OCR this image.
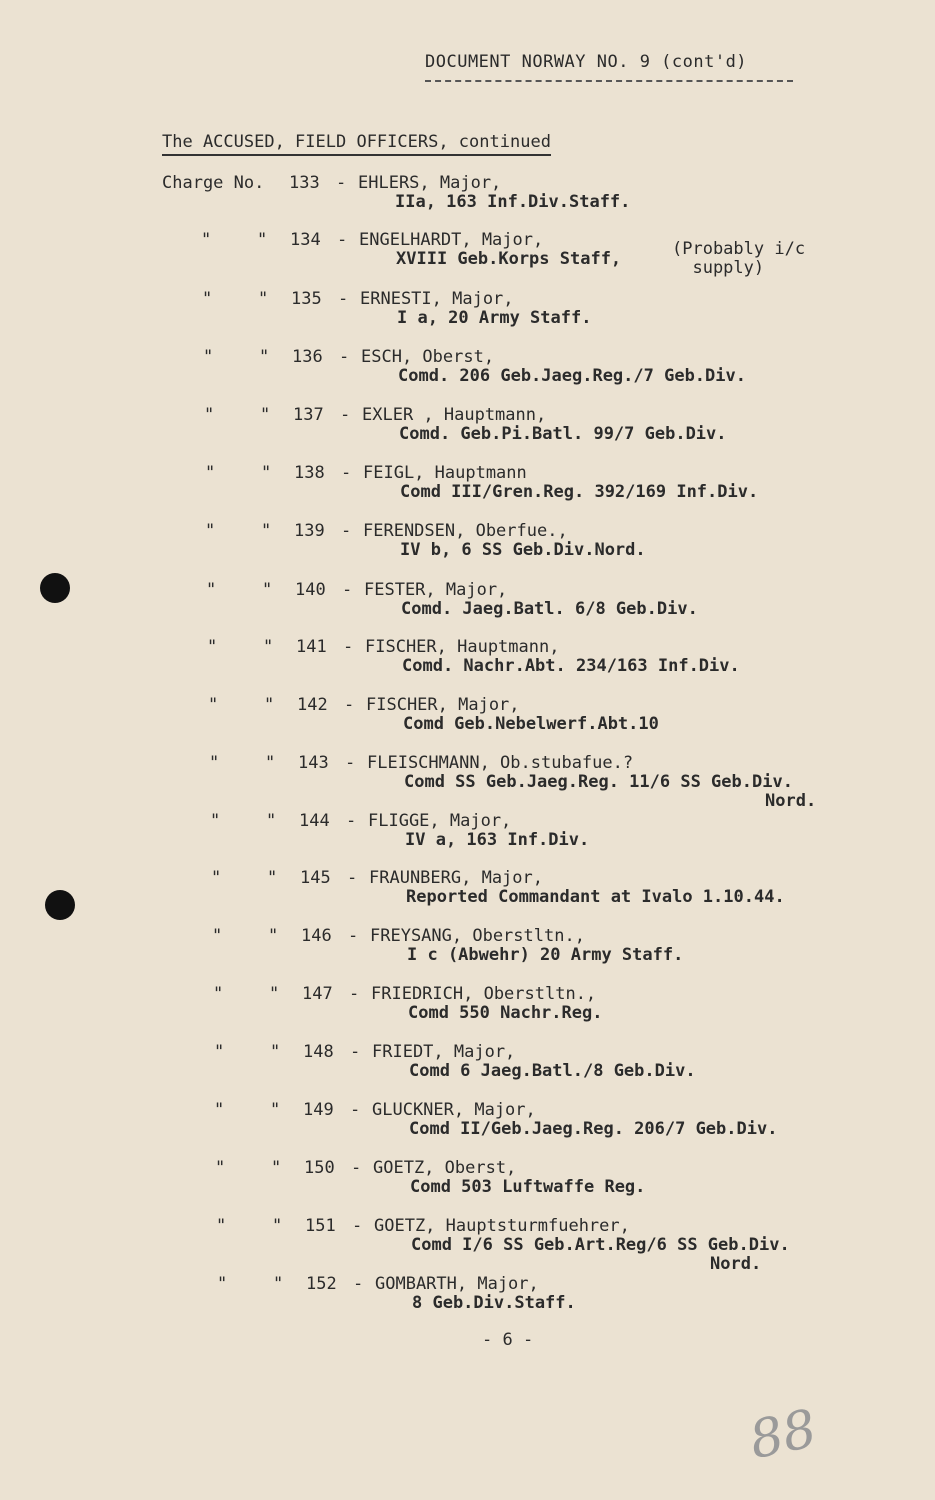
DOCUMENT NORWAY NO. 9 (cont'd)
The ACCUSED, FIELD OFFICERS, continued
Charge No. 133 - EHLERS, Major,
IIa, 163 Inf.Div.Staff.
"	" 134 - ENGELHARDT, Major,
XVIII Geb.Korps Staff,	(Probably i/c
supply)
"	" 135 - ERNESTI, Major,
I a, 20 Army Staff.
"	" 136 - ESCH, Oberst,
Comd. 206 Geb.Jaeg.Reg./7 Geb.Div.
"	" 137 - EXLER , Hauptmann,
Comd. Geb.Pi.Batl. 99/7 Geb.Div.
"	" 138 - FEIGL, Hauptmann
Comd III/Gren.Reg. 392/169 Inf.Div.
"	" 139 - FERENDSEN, Oberfue.,
IV b, 6 SS Geb.Div.Nord.
"	" 140 - FESTER, Major,
Comd. Jaeg.Batl. 6/8 Geb.Div.
"	" 141 - FISCHER, Hauptmann,
Comd. Nachr.Abt. 234/163 Inf.Div.
"	" 142 - FISCHER, Major,
Comd Geb.Nebelwerf.Abt.10
"	" 143 - FLEISCHMANN, Ob.stubafue.?
Comd SS Geb.Jaeg.Reg. 11/6 SS Geb.Div.
Nord.
"	" 144 - FLIGGE, Major,
IV a, 163 Inf.Div.
"	" 145 - FRAUNBERG, Major,
Reported Commandant at Ivalo 1.10.44.
"	" 146 - FREYSANG, Oberstltn.,
I c (Abwehr) 20 Army Staff.
"	" 147 - FRIEDRICH, Oberstltn.,
Comd 550 Nachr.Reg.
"	" 148 - FRIEDT, Major,
Comd 6 Jaeg.Batl./8 Geb.Div.
"	" 149 - GLUCKNER, Major,
Comd II/Geb.Jaeg.Reg. 206/7 Geb.Div.
"	" 150 - GOETZ, Oberst,
Comd 503 Luftwaffe Reg.
"	" 151 - GOETZ, Hauptsturmfuehrer,
Comd I/6 SS Geb.Art.Reg/6 SS Geb.Div.
Nord.
"	" 152 - GOMBARTH, Major,
8 Geb.Div.Staff.
- 6 -
88
